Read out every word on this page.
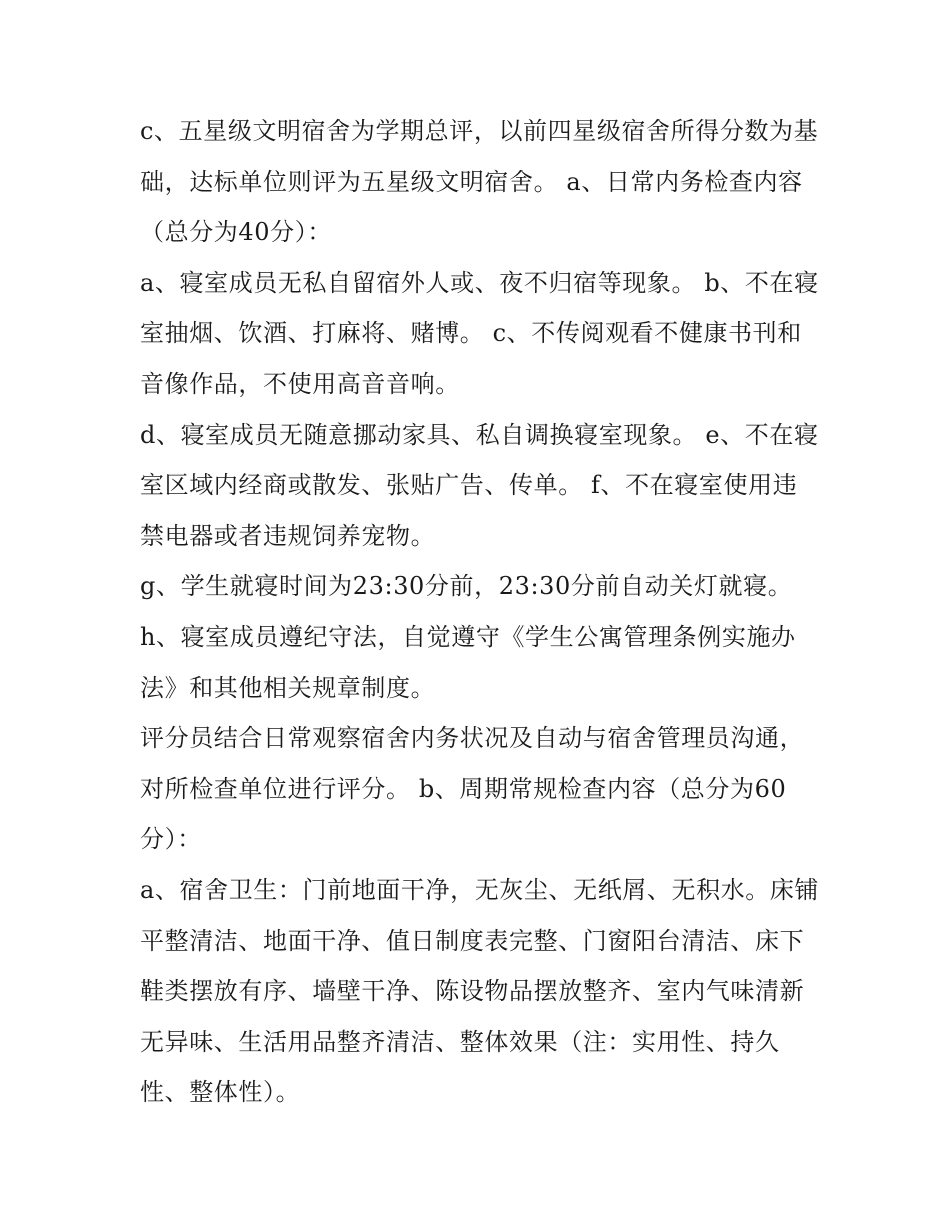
c、五星级文明宿舍为学期总评，以前四星级宿舍所得分数为基础，达标单位则评为五星级文明宿舍。 a、日常内务检查内容（总分为40分）：

a、寝室成员无私自留宿外人或、夜不归宿等现象。 b、不在寝室抽烟、饮酒、打麻将、赌博。 c、不传阅观看不健康书刊和音像作品，不使用高音音响。

d、寝室成员无随意挪动家具、私自调换寝室现象。 e、不在寝室区域内经商或散发、张贴广告、传单。 f、不在寝室使用违禁电器或者违规饲养宠物。

g、学生就寝时间为23:30分前，23:30分前自动关灯就寝。

h、寝室成员遵纪守法，自觉遵守《学生公寓管理条例实施办法》和其他相关规章制度。

评分员结合日常观察宿舍内务状况及自动与宿舍管理员沟通，对所检查单位进行评分。 b、周期常规检查内容（总分为60分）：

a、宿舍卫生：门前地面干净，无灰尘、无纸屑、无积水。床铺平整清洁、地面干净、值日制度表完整、门窗阳台清洁、床下鞋类摆放有序、墙壁干净、陈设物品摆放整齐、室内气味清新无异味、生活用品整齐清洁、整体效果（注：实用性、持久性、整体性）。
